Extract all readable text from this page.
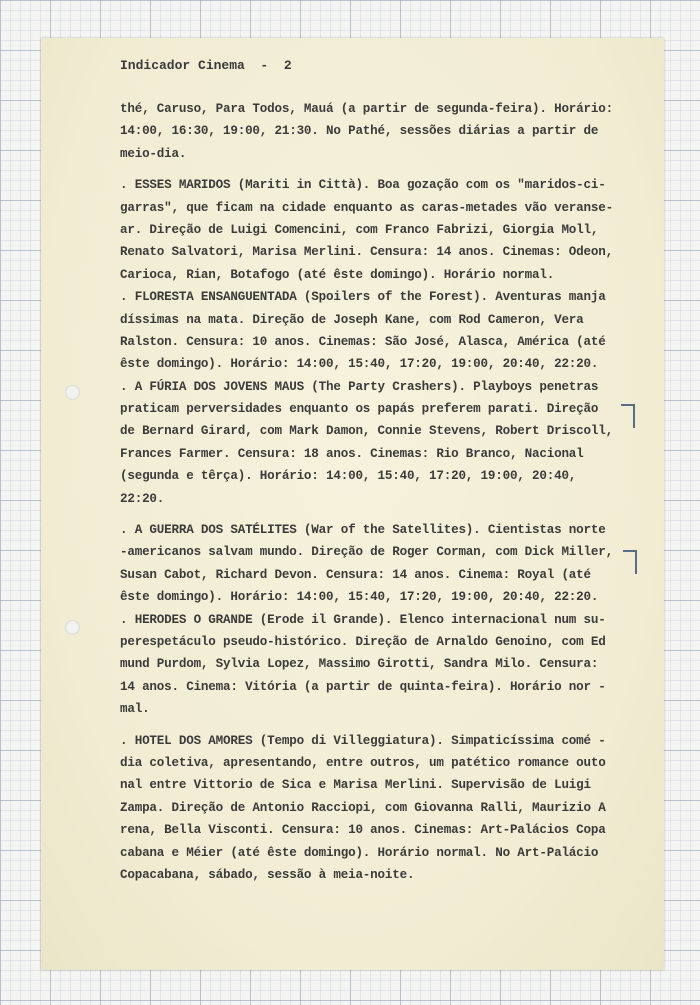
Indicador Cinema  -  2
thé, Caruso, Para Todos, Mauá (a partir de segunda-feira). Horário:
14:00, 16:30, 19:00, 21:30. No Pathé, sessões diárias a partir de
meio-dia.
. ESSES MARIDOS (Mariti in Città). Boa gozação com os "maridos-ci-
garras", que ficam na cidade enquanto as caras-metades vão veranse-
ar. Direção de Luigi Comencini, com Franco Fabrizi, Giorgia Moll,
Renato Salvatori, Marisa Merlini. Censura: 14 anos. Cinemas: Odeon,
Carioca, Rian, Botafogo (até êste domingo). Horário normal.
. FLORESTA ENSANGUENTADA (Spoilers of the Forest). Aventuras manja
díssimas na mata. Direção de Joseph Kane, com Rod Cameron, Vera
Ralston. Censura: 10 anos. Cinemas: São José, Alasca, América (até
êste domingo). Horário: 14:00, 15:40, 17:20, 19:00, 20:40, 22:20.
. A FÚRIA DOS JOVENS MAUS (The Party Crashers). Playboys penetras
praticam perversidades enquanto os papás preferem parati. Direção
de Bernard Girard, com Mark Damon, Connie Stevens, Robert Driscoll,
Frances Farmer. Censura: 18 anos. Cinemas: Rio Branco, Nacional
(segunda e têrça). Horário: 14:00, 15:40, 17:20, 19:00, 20:40,
22:20.
. A GUERRA DOS SATÉLITES (War of the Satellites). Cientistas norte
-americanos salvam mundo. Direção de Roger Corman, com Dick Miller,
Susan Cabot, Richard Devon. Censura: 14 anos. Cinema: Royal (até
êste domingo). Horário: 14:00, 15:40, 17:20, 19:00, 20:40, 22:20.
. HERODES O GRANDE (Erode il Grande). Elenco internacional num su-
perespetáculo pseudo-histórico. Direção de Arnaldo Genoino, com Ed
mund Purdom, Sylvia Lopez, Massimo Girotti, Sandra Milo. Censura:
14 anos. Cinema: Vitória (a partir de quinta-feira). Horário nor -
mal.
. HOTEL DOS AMORES (Tempo di Villeggiatura). Simpaticíssima comé -
dia coletiva, apresentando, entre outros, um patético romance outo
nal entre Vittorio de Sica e Marisa Merlini. Supervisão de Luigi
Zampa. Direção de Antonio Racciopi, com Giovanna Ralli, Maurizio A
rena, Bella Visconti. Censura: 10 anos. Cinemas: Art-Palácios Copa
cabana e Méier (até êste domingo). Horário normal. No Art-Palácio
Copacabana, sábado, sessão à meia-noite.
